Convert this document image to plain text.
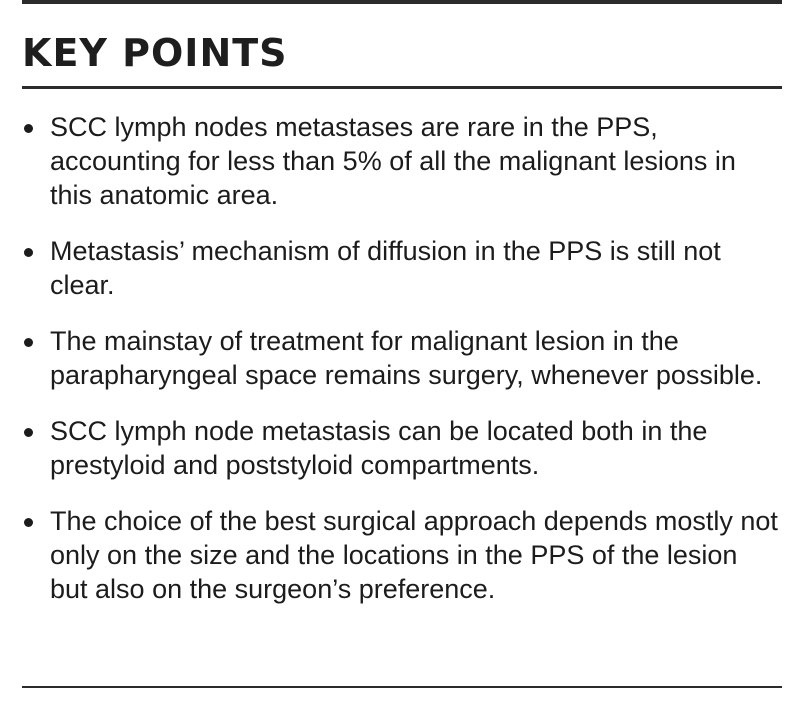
KEY POINTS
SCC lymph nodes metastases are rare in the PPS, accounting for less than 5% of all the malignant lesions in this anatomic area.
Metastasis’ mechanism of diffusion in the PPS is still not clear.
The mainstay of treatment for malignant lesion in the parapharyngeal space remains surgery, whenever possible.
SCC lymph node metastasis can be located both in the prestyloid and poststyloid compartments.
The choice of the best surgical approach depends mostly not only on the size and the locations in the PPS of the lesion but also on the surgeon’s preference.
